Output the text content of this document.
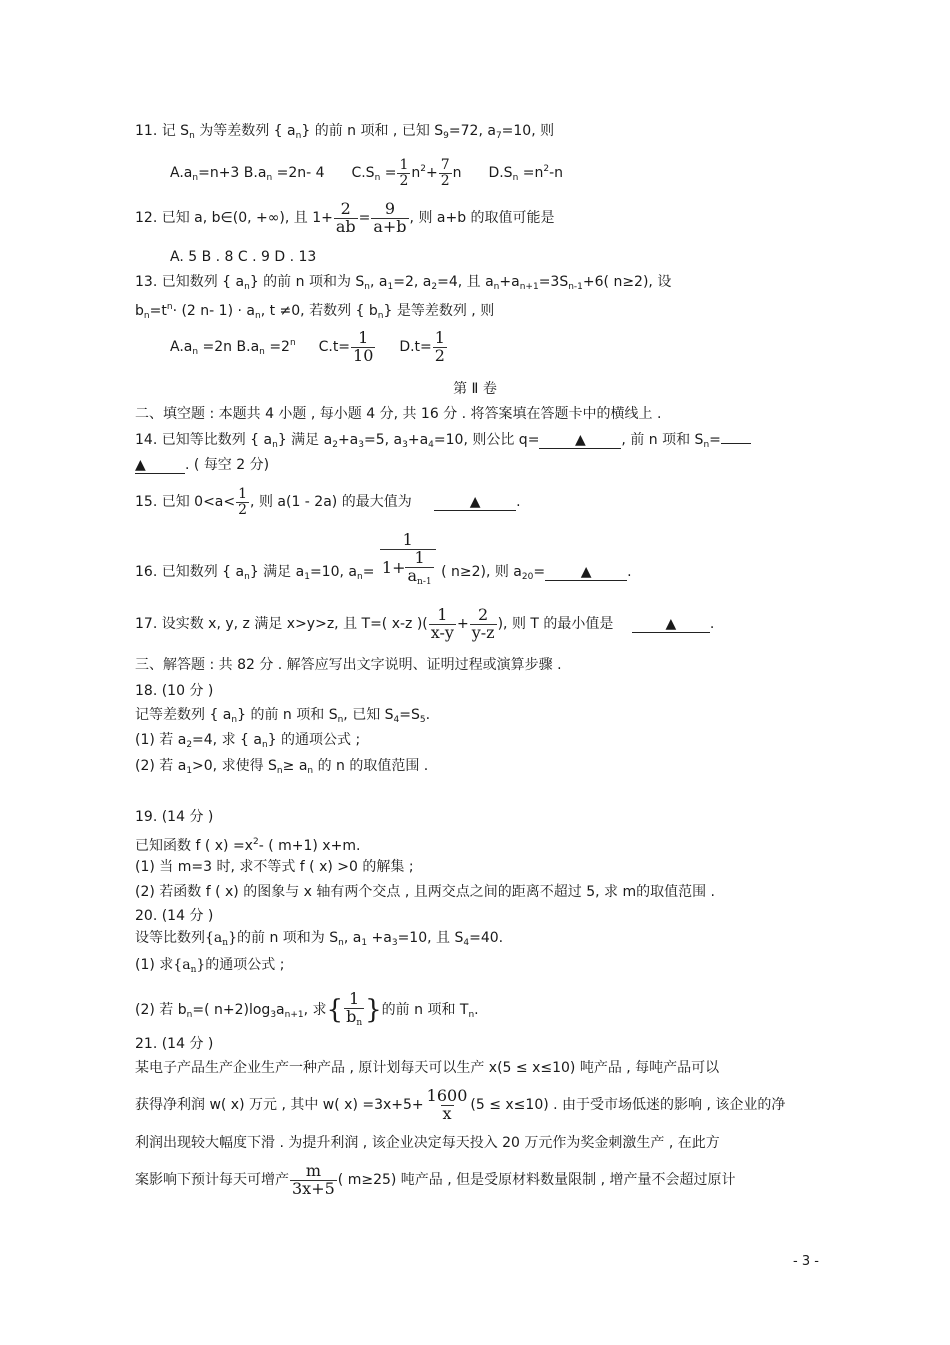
11. 记 $S_n$ 为等差数列 { $a_n$} 的前 n 项和 , 已知 $S_9=72$, $a_7=10$, 则
$A.a_n=n+3$ $B.a_n =2n-$ 4 $C.S_n = \frac{1}{2} n^2+ \frac{7}{2}$ n  $D.S_n =n^2-n$
12. 已知 a, b∈(0, +∞), 且 $1+ \frac{2}{ab} = \frac{9}{a+b}$ , 则 a+b 的取值可能是
A. 5 B . 8 C . 9 D . 13
13. 已知数列 { $a_n$} 的前 n 项和为 $S_n$, $a_1=2$, $a_2=4$, 且 $a_n+a_{n+1}=3S_{n-1}+6$( n≥2), 设
$b_n=t^n\cdot (2$ n- $1) \cdot a_n$, t ≠0, 若数列 { $b_n$} 是等差数列 , 则
$A.a_n =2n$ $B.a_n =2^n$ $C.t= \frac{1}{10} D.t= \frac{1}{2}$
第 Ⅱ 卷
二、填空题 : 本题共 4 小题 , 每小题 4 分, 共 16 分 . 将答案填在答题卡中的横线上 .
14. 已知等比数列 { $a_n$} 满足 $a_2+a_3=5$, $a_3+a_4=10$, 则公比 q=	▲	, 前 n 项和 $S_n=$
▲	. ( 每空 2 分)
15. 已知 $0<a< \frac{1}{2}$ , 则 a(1 - 2a) 的最大值为	▲	.
16. 已知数列 { $a_n$} 满足 $a_1=10$, $a_n= \frac{1}{1+ \frac{1}{a_{n-1}}}$ ( n≥2), 则 $a_{20}=$	▲	.
17. 设实数 x, y, z 满足 x>y>z, 且 T=( x-z )( $\frac{1}{x-y} + \frac{2}{y-z}$ ), 则 T 的最小值是	▲ .
三、解答题 : 共 82 分 . 解答应写出文字说明、证明过程或演算步骤 .
18. (10 分 )
记等差数列 { $a_n$} 的前 n 项和 $S_n$, 已知 $S_4=S_5$.
(1) 若 $a_2=4$, 求 { $a_n$} 的通项公式 ;
(2) 若 $a_1>0$, 求使得 $S_n\ge a_n$ 的 n 的取值范围 .
19. (14 分 )
已知函数 f ( $x) =x^2-$ ( m+1) x+m.
(1) 当 m=3 时, 求不等式 f ( x) >0 的解集 ;
(2) 若函数 f ( x) 的图象与 x 轴有两个交点 , 且两交点之间的距离不超过 5, 求 m的取值范围 .
20. (14 分 )
设等比数列$\{a_n\}$的前 n 项和为 $S_n$, $a_1 +a_3=10$, 且 $S_4=40$.
(1) 求$\{a_n\}$的通项公式 ;
(2) 若 $b_n=$( $n+2)\log_3a_{n+1}$, 求{ $\frac{1}{b_n}$ }的前 n 项和 $T_n$.
21. (14 分 )
某电子产品生产企业生产一种产品 , 原计划每天可以生产 x(5 ≤ x≤10) 吨产品 , 每吨产品可以
获得净利润 w( x) 万元 , 其中 w( $x) =3x+5+ \frac{1600}{x} (5 \le x\le 10)$ . 由于受市场低迷的影响 , 该企业的净
利润出现较大幅度下滑 . 为提升利润 , 该企业决定每天投入 20 万元作为奖金刺激生产 , 在此方
案影响下预计每天可增产 $\frac{m}{3x+5}$ ( m≥25) 吨产品 , 但是受原材料数量限制 , 增产量不会超过原计
- 3 -
